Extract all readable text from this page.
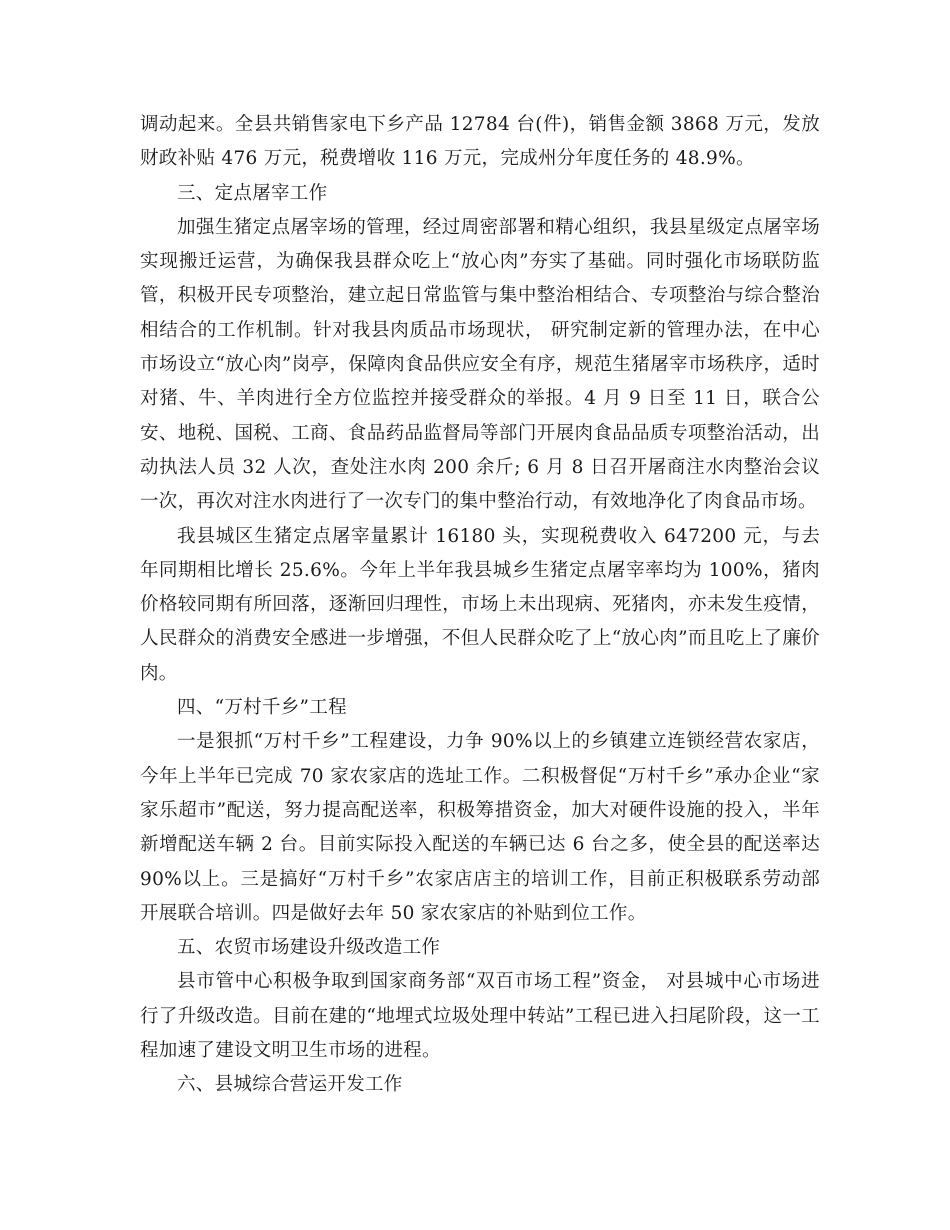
调动起来。全县共销售家电下乡产品 12784 台(件)，销售金额 3868 万元，发放财政补贴 476 万元，税费增收 116 万元，完成州分年度任务的 48.9%。

三、定点屠宰工作

加强生猪定点屠宰场的管理，经过周密部署和精心组织，我县星级定点屠宰场实现搬迁运营，为确保我县群众吃上“放心肉”夯实了基础。同时强化市场联防监管，积极开民专项整治，建立起日常监管与集中整治相结合、专项整治与综合整治相结合的工作机制。针对我县肉质品市场现状， 研究制定新的管理办法，在中心市场设立“放心肉”岗亭，保障肉食品供应安全有序，规范生猪屠宰市场秩序，适时对猪、牛、羊肉进行全方位监控并接受群众的举报。4 月 9 日至 11 日，联合公安、地税、国税、工商、食品药品监督局等部门开展肉食品品质专项整治活动，出动执法人员 32 人次，查处注水肉 200 余斤; 6 月 8 日召开屠商注水肉整治会议一次，再次对注水肉进行了一次专门的集中整治行动，有效地净化了肉食品市场。

我县城区生猪定点屠宰量累计 16180 头，实现税费收入 647200 元，与去年同期相比增长 25.6%。今年上半年我县城乡生猪定点屠宰率均为 100%，猪肉价格较同期有所回落，逐渐回归理性，市场上未出现病、死猪肉，亦未发生疫情，人民群众的消费安全感进一步增强，不但人民群众吃了上“放心肉”而且吃上了廉价肉。

四、“万村千乡”工程

一是狠抓“万村千乡”工程建设，力争 90%以上的乡镇建立连锁经营农家店，今年上半年已完成 70 家农家店的选址工作。二积极督促“万村千乡”承办企业“家家乐超市”配送，努力提高配送率，积极筹措资金，加大对硬件设施的投入，半年新增配送车辆 2 台。目前实际投入配送的车辆已达 6 台之多，使全县的配送率达 90%以上。三是搞好“万村千乡”农家店店主的培训工作，目前正积极联系劳动部开展联合培训。四是做好去年 50 家农家店的补贴到位工作。

五、农贸市场建设升级改造工作

县市管中心积极争取到国家商务部“双百市场工程”资金， 对县城中心市场进行了升级改造。目前在建的“地埋式垃圾处理中转站”工程已进入扫尾阶段，这一工程加速了建设文明卫生市场的进程。

六、县城综合营运开发工作
